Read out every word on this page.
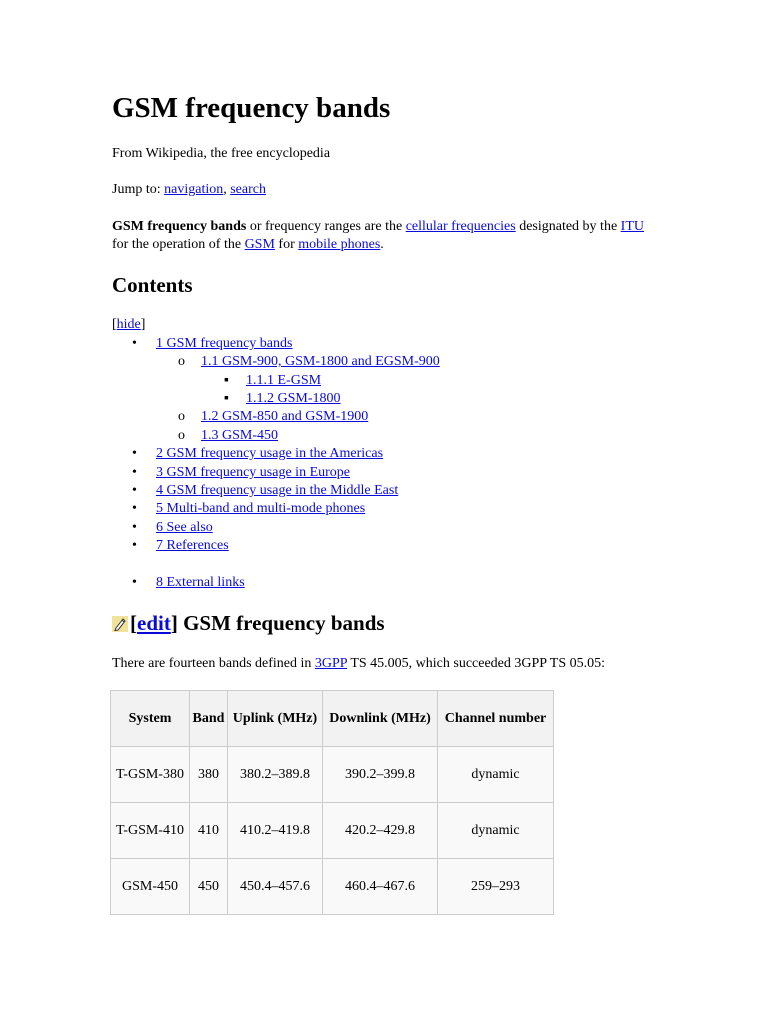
GSM frequency bands
From Wikipedia, the free encyclopedia
Jump to: navigation, search
GSM frequency bands or frequency ranges are the cellular frequencies designated by the ITU for the operation of the GSM for mobile phones.
Contents
[hide]
•
1 GSM frequency bands
o
1.1 GSM-900, GSM-1800 and EGSM-900
▪
1.1.1 E-GSM
▪
1.1.2 GSM-1800
o
1.2 GSM-850 and GSM-1900
o
1.3 GSM-450
•
2 GSM frequency usage in the Americas
•
3 GSM frequency usage in Europe
•
4 GSM frequency usage in the Middle East
•
5 Multi-band and multi-mode phones
•
6 See also
•
7 References
•
8 External links
[ edit ] GSM frequency bands
There are fourteen bands defined in 3GPP TS 45.005, which succeeded 3GPP TS 05.05:
System	Band	Uplink (MHz)	Downlink (MHz)	Channel number
T-GSM-380	380	380.2–389.8	390.2–399.8	dynamic
T-GSM-410	410	410.2–419.8	420.2–429.8	dynamic
GSM-450	450	450.4–457.6	460.4–467.6	259–293
